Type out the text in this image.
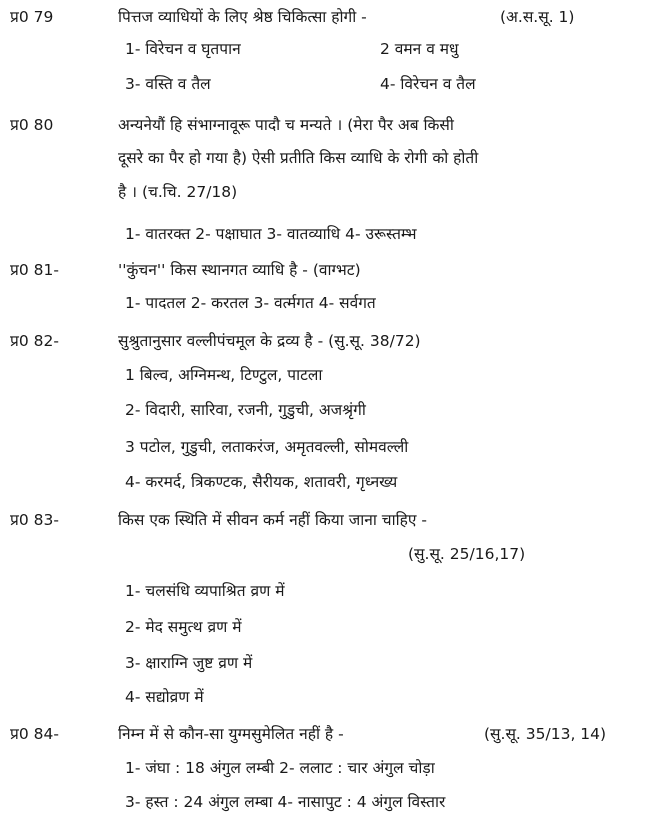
प्र0 79	पित्तज व्याधियों के लिए श्रेष्ठ चिकित्सा होगी -	(अ.स.सू. 1)
1- विरेचन व घृतपान	2 वमन व मधु
3- वस्ति व तैल	4- विरेचन व तैल
प्र0 80	अन्यनेयौं हि संभाग्नावूरू पादौ च मन्यते । (मेरा पैर अब किसी
दूसरे का पैर हो गया है) ऐसी प्रतीति किस व्याधि के रोगी को होती
है । (च.चि. 27/18)
1- वातरक्त 2- पक्षाघात 3- वातव्याधि 4- उरूस्तम्भ
प्र0 81-	''कुंचन'' किस स्थानगत व्याधि है - (वाग्भट)
1- पादतल 2- करतल 3- वर्त्मगत 4- सर्वगत
प्र0 82-	सुश्रुतानुसार वल्लीपंचमूल के द्रव्य है - (सु.सू. 38/72)
1 बिल्व, अग्निमन्थ, टिण्टुल, पाटला
2- विदारी, सारिवा, रजनी, गुडुची, अजश्रृंगी
3 पटोल, गुडुची, लताकरंज, अमृतवल्ली, सोमवल्ली
4- करमर्द, त्रिकण्टक, सैरीयक, शतावरी, गृध्नख्य
प्र0 83-	किस एक स्थिति में सीवन कर्म नहीं किया जाना चाहिए -
(सु.सू. 25/16,17)
1- चलसंधि व्यपाश्रित व्रण में
2- मेद समुत्थ व्रण में
3- क्षाराग्नि जुष्ट व्रण में
4- सद्योव्रण में
प्र0 84-	निम्न में से कौन-सा युग्मसुमेलित नहीं है -	(सु.सू. 35/13, 14)
1- जंघा : 18 अंगुल लम्बी 2- ललाट : चार अंगुल चोड़ा
3- हस्त : 24 अंगुल लम्बा 4- नासापुट : 4 अंगुल विस्तार
